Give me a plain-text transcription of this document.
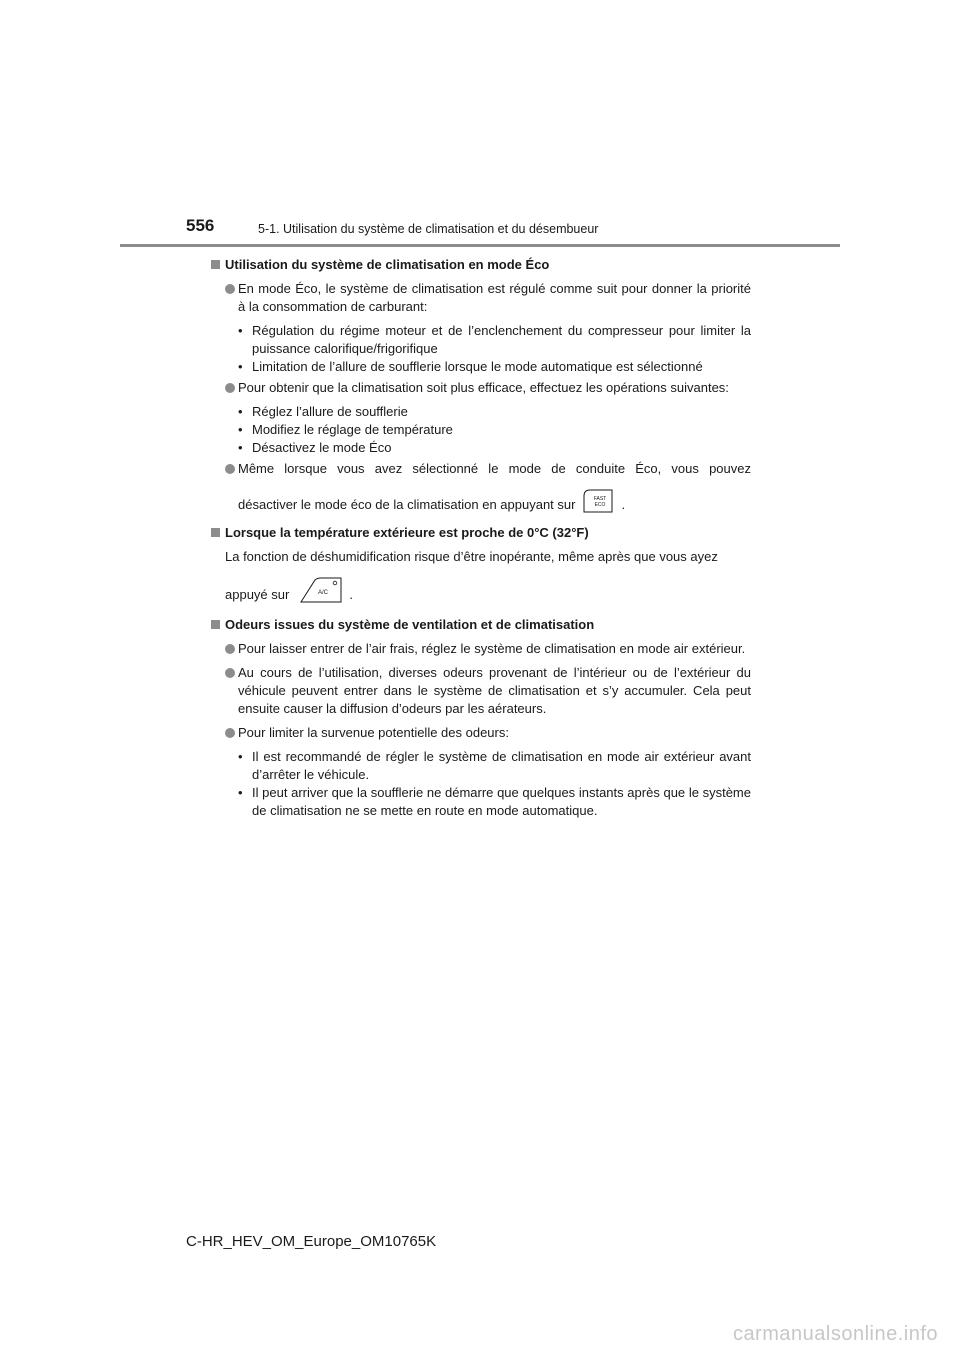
556	5-1. Utilisation du système de climatisation et du désembueur
Utilisation du système de climatisation en mode Éco
En mode Éco, le système de climatisation est régulé comme suit pour donner la priorité à la consommation de carburant:
• Régulation du régime moteur et de l’enclenchement du compresseur pour limiter la puissance calorifique/frigorifique
• Limitation de l’allure de soufflerie lorsque le mode automatique est sélectionné
Pour obtenir que la climatisation soit plus efficace, effectuez les opérations suivantes:
• Réglez l’allure de soufflerie
• Modifiez le réglage de température
• Désactivez le mode Éco
Même lorsque vous avez sélectionné le mode de conduite Éco, vous pouvez
désactiver le mode éco de la climatisation en appuyant sur	FAST
ECO .
Lorsque la température extérieure est proche de 0°C (32°F)
La fonction de déshumidification risque d’être inopérante, même après que vous ayez
appuyé sur	A/C .
Odeurs issues du système de ventilation et de climatisation
Pour laisser entrer de l’air frais, réglez le système de climatisation en mode air extérieur.
Au cours de l’utilisation, diverses odeurs provenant de l’intérieur ou de l’extérieur du véhicule peuvent entrer dans le système de climatisation et s’y accumuler. Cela peut ensuite causer la diffusion d’odeurs par les aérateurs.
Pour limiter la survenue potentielle des odeurs:
• Il est recommandé de régler le système de climatisation en mode air extérieur avant d’arrêter le véhicule.
• Il peut arriver que la soufflerie ne démarre que quelques instants après que le système de climatisation ne se mette en route en mode automatique.
C-HR_HEV_OM_Europe_OM10765K
carmanualsonline.info
